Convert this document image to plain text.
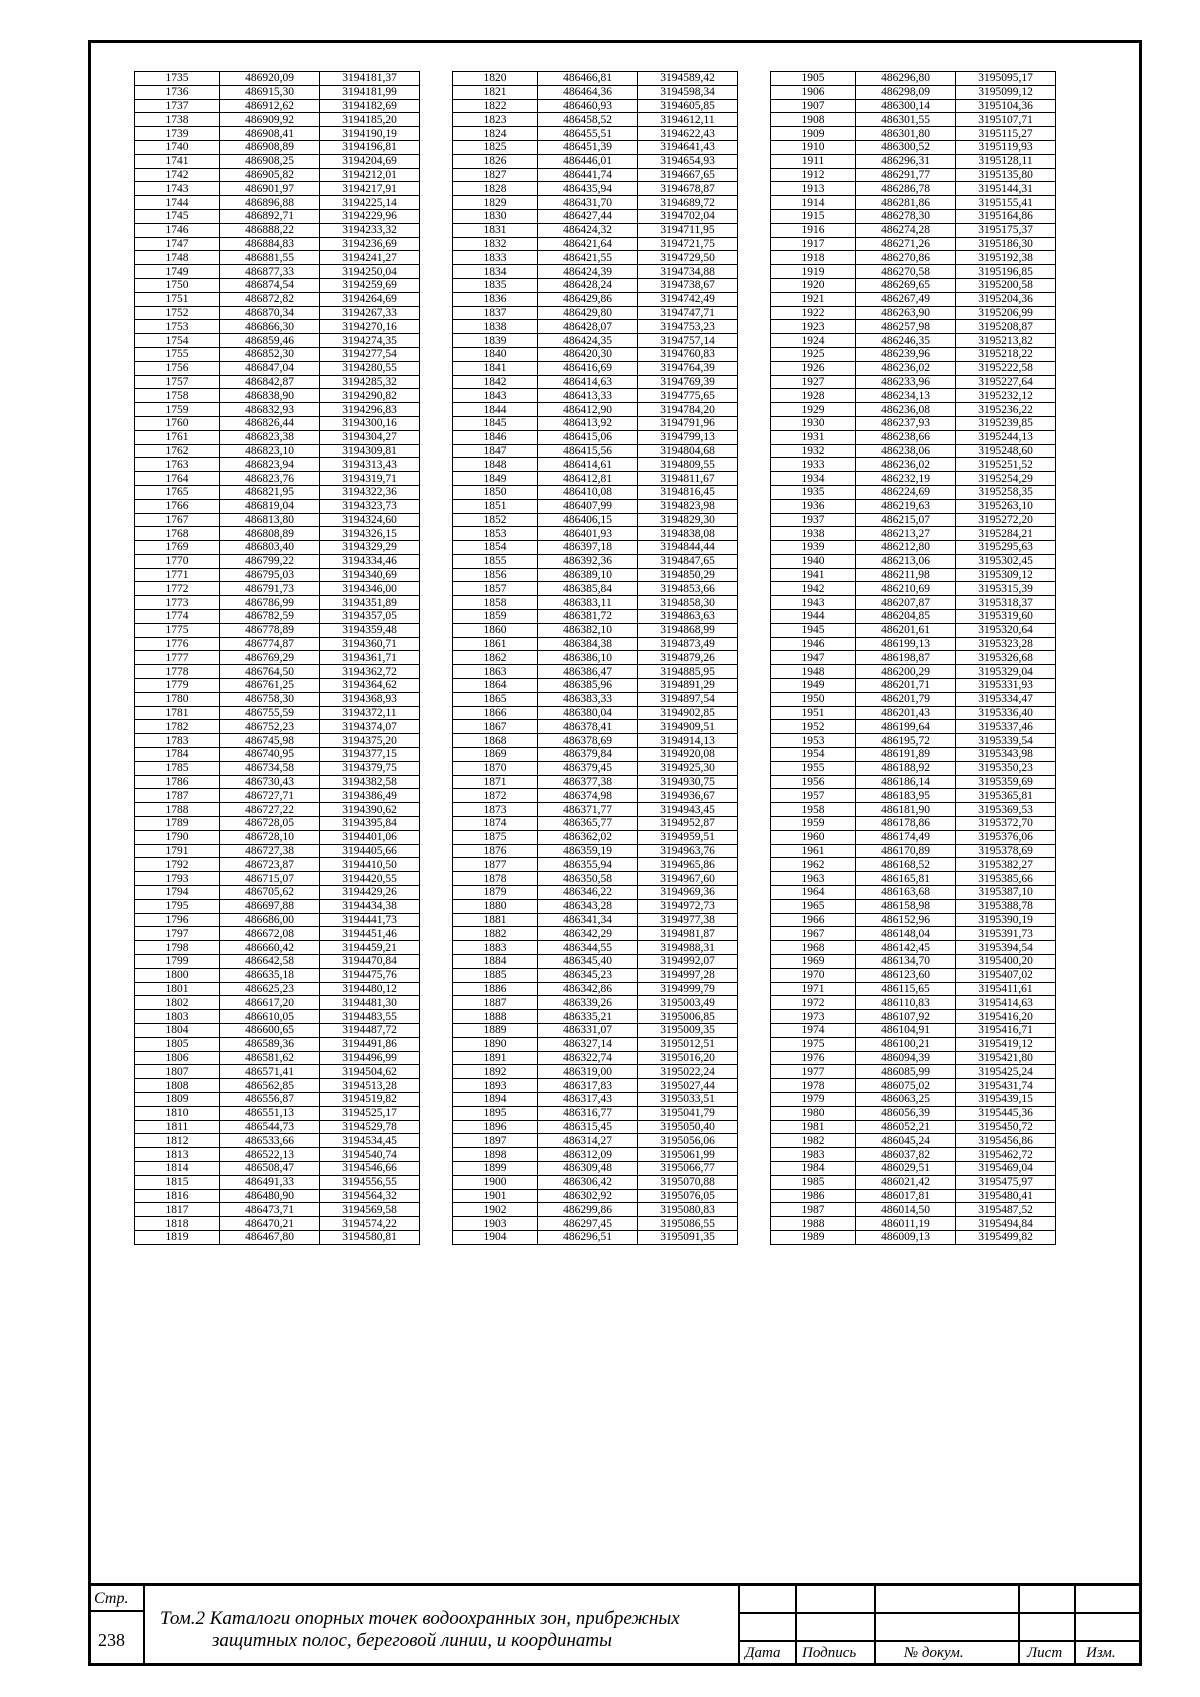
1735	486920,09	3194181,37
1736	486915,30	3194181,99
1737	486912,62	3194182,69
1738	486909,92	3194185,20
1739	486908,41	3194190,19
1740	486908,89	3194196,81
1741	486908,25	3194204,69
1742	486905,82	3194212,01
1743	486901,97	3194217,91
1744	486896,88	3194225,14
1745	486892,71	3194229,96
1746	486888,22	3194233,32
1747	486884,83	3194236,69
1748	486881,55	3194241,27
1749	486877,33	3194250,04
1750	486874,54	3194259,69
1751	486872,82	3194264,69
1752	486870,34	3194267,33
1753	486866,30	3194270,16
1754	486859,46	3194274,35
1755	486852,30	3194277,54
1756	486847,04	3194280,55
1757	486842,87	3194285,32
1758	486838,90	3194290,82
1759	486832,93	3194296,83
1760	486826,44	3194300,16
1761	486823,38	3194304,27
1762	486823,10	3194309,81
1763	486823,94	3194313,43
1764	486823,76	3194319,71
1765	486821,95	3194322,36
1766	486819,04	3194323,73
1767	486813,80	3194324,60
1768	486808,89	3194326,15
1769	486803,40	3194329,29
1770	486799,22	3194334,46
1771	486795,03	3194340,69
1772	486791,73	3194346,00
1773	486786,99	3194351,89
1774	486782,59	3194357,05
1775	486778,89	3194359,48
1776	486774,87	3194360,71
1777	486769,29	3194361,71
1778	486764,50	3194362,72
1779	486761,25	3194364,62
1780	486758,30	3194368,93
1781	486755,59	3194372,11
1782	486752,23	3194374,07
1783	486745,98	3194375,20
1784	486740,95	3194377,15
1785	486734,58	3194379,75
1786	486730,43	3194382,58
1787	486727,71	3194386,49
1788	486727,22	3194390,62
1789	486728,05	3194395,84
1790	486728,10	3194401,06
1791	486727,38	3194405,66
1792	486723,87	3194410,50
1793	486715,07	3194420,55
1794	486705,62	3194429,26
1795	486697,88	3194434,38
1796	486686,00	3194441,73
1797	486672,08	3194451,46
1798	486660,42	3194459,21
1799	486642,58	3194470,84
1800	486635,18	3194475,76
1801	486625,23	3194480,12
1802	486617,20	3194481,30
1803	486610,05	3194483,55
1804	486600,65	3194487,72
1805	486589,36	3194491,86
1806	486581,62	3194496,99
1807	486571,41	3194504,62
1808	486562,85	3194513,28
1809	486556,87	3194519,82
1810	486551,13	3194525,17
1811	486544,73	3194529,78
1812	486533,66	3194534,45
1813	486522,13	3194540,74
1814	486508,47	3194546,66
1815	486491,33	3194556,55
1816	486480,90	3194564,32
1817	486473,71	3194569,58
1818	486470,21	3194574,22
1819	486467,80	3194580,81
1820	486466,81	3194589,42
1821	486464,36	3194598,34
1822	486460,93	3194605,85
1823	486458,52	3194612,11
1824	486455,51	3194622,43
1825	486451,39	3194641,43
1826	486446,01	3194654,93
1827	486441,74	3194667,65
1828	486435,94	3194678,87
1829	486431,70	3194689,72
1830	486427,44	3194702,04
1831	486424,32	3194711,95
1832	486421,64	3194721,75
1833	486421,55	3194729,50
1834	486424,39	3194734,88
1835	486428,24	3194738,67
1836	486429,86	3194742,49
1837	486429,80	3194747,71
1838	486428,07	3194753,23
1839	486424,35	3194757,14
1840	486420,30	3194760,83
1841	486416,69	3194764,39
1842	486414,63	3194769,39
1843	486413,33	3194775,65
1844	486412,90	3194784,20
1845	486413,92	3194791,96
1846	486415,06	3194799,13
1847	486415,56	3194804,68
1848	486414,61	3194809,55
1849	486412,81	3194811,67
1850	486410,08	3194816,45
1851	486407,99	3194823,98
1852	486406,15	3194829,30
1853	486401,93	3194838,08
1854	486397,18	3194844,44
1855	486392,36	3194847,65
1856	486389,10	3194850,29
1857	486385,84	3194853,66
1858	486383,11	3194858,30
1859	486381,72	3194863,63
1860	486382,10	3194868,99
1861	486384,38	3194873,49
1862	486386,10	3194879,26
1863	486386,47	3194885,95
1864	486385,96	3194891,29
1865	486383,33	3194897,54
1866	486380,04	3194902,85
1867	486378,41	3194909,51
1868	486378,69	3194914,13
1869	486379,84	3194920,08
1870	486379,45	3194925,30
1871	486377,38	3194930,75
1872	486374,98	3194936,67
1873	486371,77	3194943,45
1874	486365,77	3194952,87
1875	486362,02	3194959,51
1876	486359,19	3194963,76
1877	486355,94	3194965,86
1878	486350,58	3194967,60
1879	486346,22	3194969,36
1880	486343,28	3194972,73
1881	486341,34	3194977,38
1882	486342,29	3194981,87
1883	486344,55	3194988,31
1884	486345,40	3194992,07
1885	486345,23	3194997,28
1886	486342,86	3194999,79
1887	486339,26	3195003,49
1888	486335,21	3195006,85
1889	486331,07	3195009,35
1890	486327,14	3195012,51
1891	486322,74	3195016,20
1892	486319,00	3195022,24
1893	486317,83	3195027,44
1894	486317,43	3195033,51
1895	486316,77	3195041,79
1896	486315,45	3195050,40
1897	486314,27	3195056,06
1898	486312,09	3195061,99
1899	486309,48	3195066,77
1900	486306,42	3195070,88
1901	486302,92	3195076,05
1902	486299,86	3195080,83
1903	486297,45	3195086,55
1904	486296,51	3195091,35
1905	486296,80	3195095,17
1906	486298,09	3195099,12
1907	486300,14	3195104,36
1908	486301,55	3195107,71
1909	486301,80	3195115,27
1910	486300,52	3195119,93
1911	486296,31	3195128,11
1912	486291,77	3195135,80
1913	486286,78	3195144,31
1914	486281,86	3195155,41
1915	486278,30	3195164,86
1916	486274,28	3195175,37
1917	486271,26	3195186,30
1918	486270,86	3195192,38
1919	486270,58	3195196,85
1920	486269,65	3195200,58
1921	486267,49	3195204,36
1922	486263,90	3195206,99
1923	486257,98	3195208,87
1924	486246,35	3195213,82
1925	486239,96	3195218,22
1926	486236,02	3195222,58
1927	486233,96	3195227,64
1928	486234,13	3195232,12
1929	486236,08	3195236,22
1930	486237,93	3195239,85
1931	486238,66	3195244,13
1932	486238,06	3195248,60
1933	486236,02	3195251,52
1934	486232,19	3195254,29
1935	486224,69	3195258,35
1936	486219,63	3195263,10
1937	486215,07	3195272,20
1938	486213,27	3195284,21
1939	486212,80	3195295,63
1940	486213,06	3195302,45
1941	486211,98	3195309,12
1942	486210,69	3195315,39
1943	486207,87	3195318,37
1944	486204,85	3195319,60
1945	486201,61	3195320,64
1946	486199,13	3195323,28
1947	486198,87	3195326,68
1948	486200,29	3195329,04
1949	486201,71	3195331,93
1950	486201,79	3195334,47
1951	486201,43	3195336,40
1952	486199,64	3195337,46
1953	486195,72	3195339,54
1954	486191,89	3195343,98
1955	486188,92	3195350,23
1956	486186,14	3195359,69
1957	486183,95	3195365,81
1958	486181,90	3195369,53
1959	486178,86	3195372,70
1960	486174,49	3195376,06
1961	486170,89	3195378,69
1962	486168,52	3195382,27
1963	486165,81	3195385,66
1964	486163,68	3195387,10
1965	486158,98	3195388,78
1966	486152,96	3195390,19
1967	486148,04	3195391,73
1968	486142,45	3195394,54
1969	486134,70	3195400,20
1970	486123,60	3195407,02
1971	486115,65	3195411,61
1972	486110,83	3195414,63
1973	486107,92	3195416,20
1974	486104,91	3195416,71
1975	486100,21	3195419,12
1976	486094,39	3195421,80
1977	486085,99	3195425,24
1978	486075,02	3195431,74
1979	486063,25	3195439,15
1980	486056,39	3195445,36
1981	486052,21	3195450,72
1982	486045,24	3195456,86
1983	486037,82	3195462,72
1984	486029,51	3195469,04
1985	486021,42	3195475,97
1986	486017,81	3195480,41
1987	486014,50	3195487,52
1988	486011,19	3195494,84
1989	486009,13	3195499,82
Стр.
238
Том.2 Каталоги опорных точек водоохранных зон, прибрежных
защитных полос, береговой линии, и координаты
Дата Подпись	№ докум.	Лист Изм.
